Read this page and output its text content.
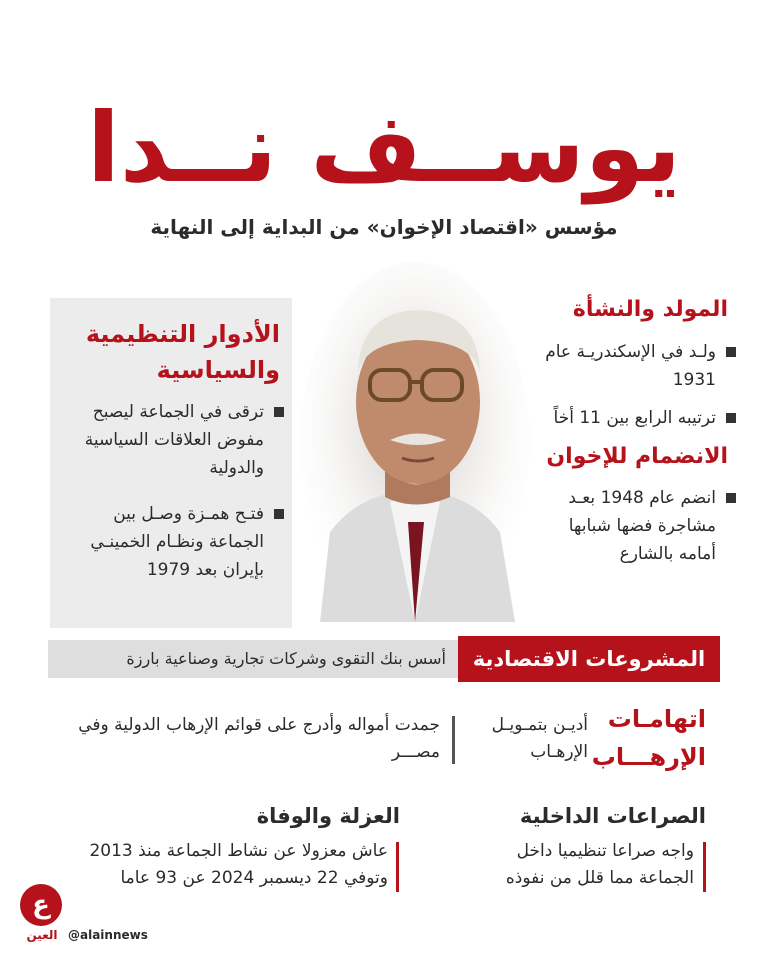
يوســف نــدا
مؤسس «اقتصاد الإخوان» من البداية إلى النهاية
المولد والنشأة
ولـد في الإسكندريـة عام 1931
ترتيبه الرابع بين 11 أخاً
الانضمام للإخوان
انضم عام 1948 بعـد مشاجرة فضها شبابها أمامه بالشارع
الأدوار التنظيمية
والسياسية
ترقى في الجماعة ليصبح مفوض العلاقات السياسية والدولية
فتـح همـزة وصـل بين الجماعة ونظـام الخمينـي بإيران بعد 1979
أسس بنك التقوى وشركات تجارية وصناعية بارزة	المشروعات الاقتصادية
اتهامـات
الإرهـــاب
أديـن بتمـويـل الإرهـاب
جمدت أمواله وأدرج على قوائم الإرهاب الدولية وفي مصـــر
الصراعات الداخلية
واجه صراعا تنظيميا داخل الجماعة مما قلل من نفوذه
العزلة والوفاة
عاش معزولا عن نشاط الجماعة منذ 2013 وتوفي 22 ديسمبر 2024 عن 93 عاما
ع
العين @alainnews
